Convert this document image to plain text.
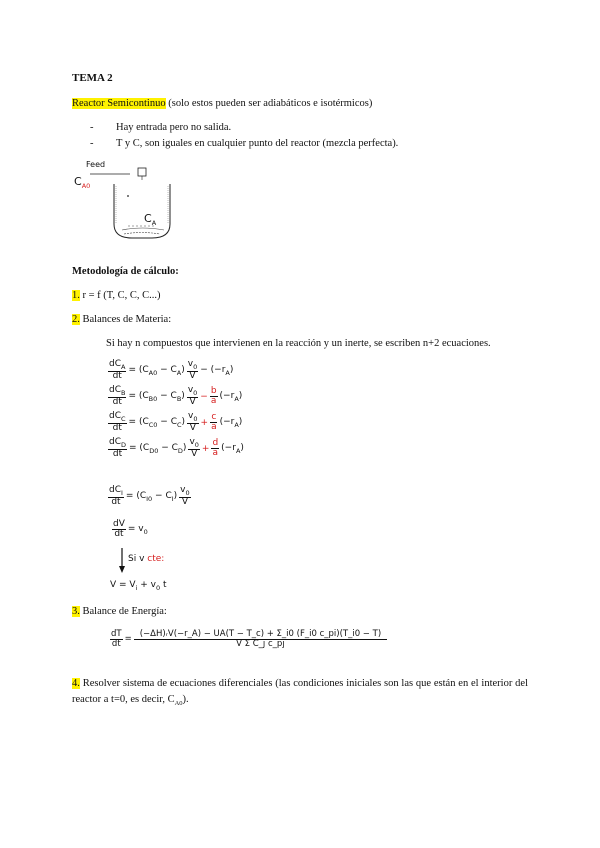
TEMA 2
Reactor Semicontinuo (solo estos pueden ser adiabáticos e isotérmicos)
- Hay entrada pero no salida.
- T y C, son iguales en cualquier punto del reactor (mezcla perfecta).
Feed
$C_{A0}$
$C_A$
Metodología de cálculo:
1. r = f (T, C, C, C...)
2. Balances de Materia:
Si hay n compuestos que intervienen en la reacción y un inerte, se escriben n+2 ecuaciones.
$\frac{dC_A}{dt} = (C_{A0} - C_A) \frac{v_0}{V} - (-r_A)$
$\frac{dC_B}{dt} = (C_{B0} - C_B) \frac{v_0}{V} - \frac{b}{a} (-r_A)$
$\frac{dC_C}{dt} = (C_{C0} - C_C) \frac{v_0}{V} + \frac{c}{a} (-r_A)$
$\frac{dC_D}{dt} = (C_{D0} - C_D) \frac{v_0}{V} + \frac{d}{a} (-r_A)$
$\frac{dC_I}{dt} = (C_{I0} - C_I) \frac{v_0}{V}$
$\frac{dV}{dt} = v_0$
Si v cte:
$V = V_i + v_0$ t
3. Balance de Energía:
$\frac{dT}{dt} = \frac{\text{(−ΔH)ᵣV(−r\_A) − UA(T − T\_c) + Σ\_i0 (F\_i0 c\_pi)(T\_i0 − T)}}{\text{V Σ C\_j c\_pj}}$
4. Resolver sistema de ecuaciones diferenciales (las condiciones iniciales son las que están en el interior del reactor a t=0, es decir, $C_{A0}$).
